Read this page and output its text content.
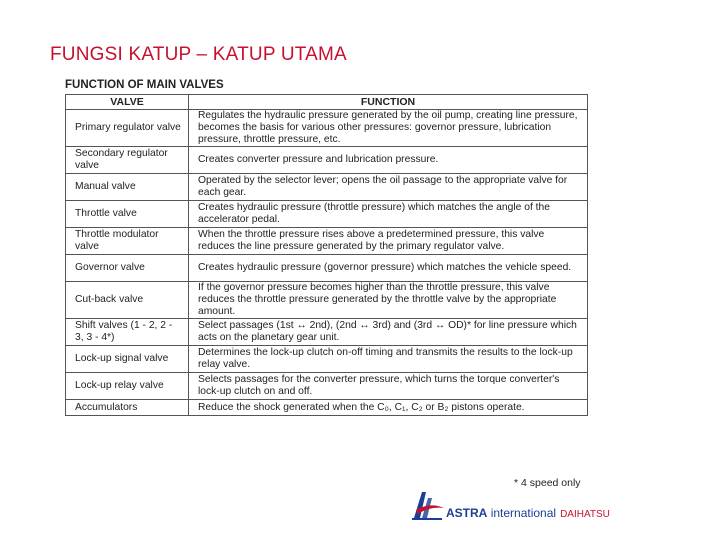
FUNGSI KATUP – KATUP UTAMA
FUNCTION OF MAIN VALVES
VALVE	FUNCTION
Primary regulator valve	Regulates the hydraulic pressure generated by the oil pump, creating line pressure, becomes the basis for various other pressures: governor pressure, lubrication pressure, throttle pressure, etc.
Secondary regulator valve	Creates converter pressure and lubrication pressure.
Manual valve	Operated by the selector lever; opens the oil passage to the appropriate valve for each gear.
Throttle valve	Creates hydraulic pressure (throttle pressure) which matches the angle of the accelerator pedal.
Throttle modulator valve	When the throttle pressure rises above a predetermined pressure, this valve reduces the line pressure generated by the primary regulator valve.
Governor valve	Creates hydraulic pressure (governor pressure) which matches the vehicle speed.
Cut-back valve	If the governor pressure becomes higher than the throttle pressure, this valve reduces the throttle pressure generated by the throttle valve by the appropriate amount.
Shift valves (1 - 2, 2 - 3, 3 - 4*)	Select passages (1st ↔ 2nd), (2nd ↔ 3rd) and (3rd ↔ OD)* for line pressure which acts on the planetary gear unit.
Lock-up signal valve	Determines the lock-up clutch on-off timing and transmits the results to the lock-up relay valve.
Lock-up relay valve	Selects passages for the converter pressure, which turns the torque converter's lock-up clutch on and off.
Accumulators	Reduce the shock generated when the C₀, C₁, C₂ or B₂ pistons operate.
* 4 speed only
ASTRA international DAIHATSU
